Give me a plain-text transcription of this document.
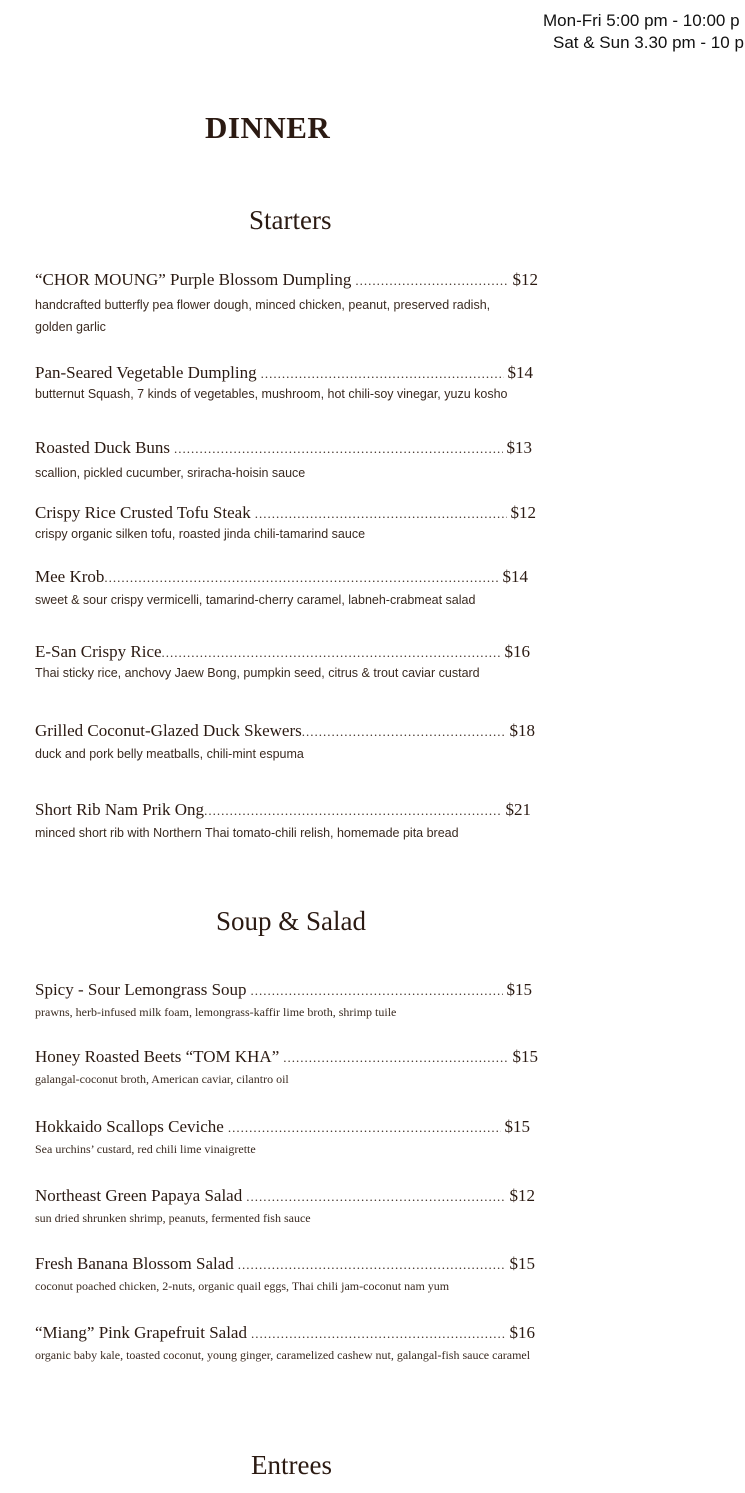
Mon-Fri 5:00 pm - 10:00 p
Sat & Sun 3.30 pm - 10 p
DINNER
Starters
“CHOR MOUNG” Purple Blossom Dumpling .....	$12
handcrafted butterfly pea flower dough, minced chicken, peanut, preserved radish, golden garlic
Pan-Seared Vegetable Dumpling .....	$14
butternut Squash, 7 kinds of vegetables, mushroom, hot chili-soy vinegar, yuzu kosho
Roasted Duck Buns .....	$13
scallion, pickled cucumber, sriracha-hoisin sauce
Crispy Rice Crusted Tofu Steak .....	$12
crispy organic silken tofu, roasted jinda chili-tamarind sauce
Mee Krob .....	$14
sweet & sour crispy vermicelli, tamarind-cherry caramel, labneh-crabmeat salad
E-San Crispy Rice .....	$16
Thai sticky rice, anchovy Jaew Bong, pumpkin seed, citrus & trout caviar custard
Grilled Coconut-Glazed Duck Skewers .....	$18
duck and pork belly meatballs, chili-mint espuma
Short Rib Nam Prik Ong .....	$21
minced short rib with Northern Thai tomato-chili relish, homemade pita bread
Soup & Salad
Spicy - Sour Lemongrass Soup .....	$15
prawns, herb-infused milk foam, lemongrass-kaffir lime broth, shrimp tuile
Honey Roasted Beets “TOM KHA” .....	$15
galangal-coconut broth, American caviar, cilantro oil
Hokkaido Scallops Ceviche .....	$15
Sea urchins’ custard, red chili lime vinaigrette
Northeast Green Papaya Salad .....	$12
sun dried shrunken shrimp, peanuts, fermented fish sauce
Fresh Banana Blossom Salad .....	$15
coconut poached chicken, 2-nuts, organic quail eggs, Thai chili jam-coconut nam yum
“Miang” Pink Grapefruit Salad .....	$16
organic baby kale, toasted coconut, young ginger, caramelized cashew nut, galangal-fish sauce caramel
Entrees
